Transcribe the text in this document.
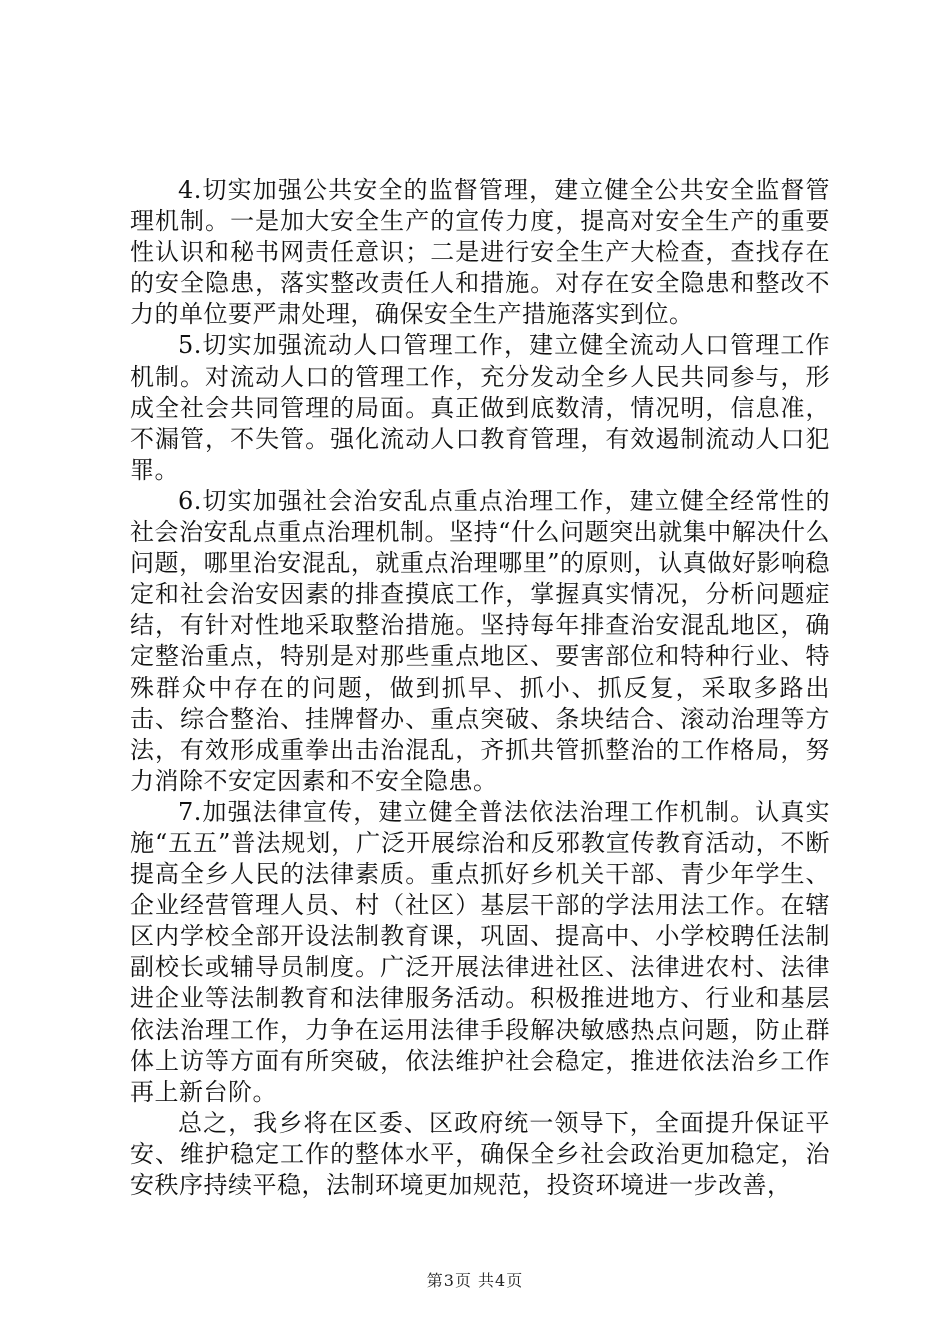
4.切实加强公共安全的监督管理，建立健全公共安全监督管理机制。一是加大安全生产的宣传力度，提高对安全生产的重要性认识和秘书网责任意识；二是进行安全生产大检查，查找存在的安全隐患，落实整改责任人和措施。对存在安全隐患和整改不力的单位要严肃处理，确保安全生产措施落实到位。

5.切实加强流动人口管理工作，建立健全流动人口管理工作机制。对流动人口的管理工作，充分发动全乡人民共同参与，形成全社会共同管理的局面。真正做到底数清，情况明，信息准，不漏管，不失管。强化流动人口教育管理，有效遏制流动人口犯罪。

6.切实加强社会治安乱点重点治理工作，建立健全经常性的社会治安乱点重点治理机制。坚持“什么问题突出就集中解决什么问题，哪里治安混乱，就重点治理哪里”的原则，认真做好影响稳定和社会治安因素的排查摸底工作，掌握真实情况，分析问题症结，有针对性地采取整治措施。坚持每年排查治安混乱地区，确定整治重点，特别是对那些重点地区、要害部位和特种行业、特殊群众中存在的问题，做到抓早、抓小、抓反复，采取多路出击、综合整治、挂牌督办、重点突破、条块结合、滚动治理等方法，有效形成重拳出击治混乱，齐抓共管抓整治的工作格局，努力消除不安定因素和不安全隐患。

7.加强法律宣传，建立健全普法依法治理工作机制。认真实施“五五”普法规划，广泛开展综治和反邪教宣传教育活动，不断提高全乡人民的法律素质。重点抓好乡机关干部、青少年学生、企业经营管理人员、村（社区）基层干部的学法用法工作。在辖区内学校全部开设法制教育课，巩固、提高中、小学校聘任法制副校长或辅导员制度。广泛开展法律进社区、法律进农村、法律进企业等法制教育和法律服务活动。积极推进地方、行业和基层依法治理工作，力争在运用法律手段解决敏感热点问题，防止群体上访等方面有所突破，依法维护社会稳定，推进依法治乡工作再上新台阶。

总之，我乡将在区委、区政府统一领导下，全面提升保证平安、维护稳定工作的整体水平，确保全乡社会政治更加稳定，治安秩序持续平稳，法制环境更加规范，投资环境进一步改善，

第3页 共4页
